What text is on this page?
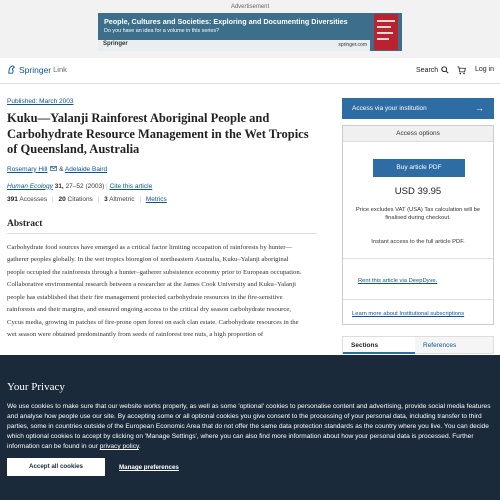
Advertisement
People, Cultures and Societies: Exploring and Documenting Diversities
Do you have an idea for a volume in this series?
Springer	springer.com
Springer Link	Search	Log in
Published: March 2003
Kuku—Yalanji Rainforest Aboriginal People and Carbohydrate Resource Management in the Wet Tropics of Queensland, Australia
Rosemary Hill & Adelaide Baird
Human Ecology 31, 27–52 (2003) | Cite this article
391 Accesses | 20 Citations | 3 Altmetric | Metrics
Abstract

Carbohydrate food sources have emerged as a critical factor limiting occupation of rainforests by hunter—gatherer peoples globally. In the wet tropics bioregion of northeastern Australia, Kuku–Yalanji aboriginal people occupied the rainforests through a hunter–gatherer subsistence economy prior to European occupation. Collaborative environmental research between a researcher at the James Cook University and Kuku–Yalanji people has established that their fire management protected carbohydrate resources in the fire-sensitive rainforests and their margins, and ensured ongoing access to the critical dry season carbohydrate resource, Cycus media, growing in patches of fire-prone open forest on each clan estate. Carbohydrate resources in the wet season were obtained predominantly from seeds of rainforest tree nuts, a high proportion of

Access via your institution	→
Access options
Buy article PDF
USD 39.95
Price excludes VAT (USA) Tax calculation will be finalised during checkout.
Instant access to the full article PDF.
Rent this article via DeepDyve.
Learn more about Institutional subscriptions
Sections	References
Your Privacy

We use cookies to make sure that our website works properly, as well as some 'optional' cookies to personalise content and advertising, provide social media features and analyse how people use our site. By accepting some or all optional cookies you give consent to the processing of your personal data, including transfer to third parties, some in countries outside of the European Economic Area that do not offer the same data protection standards as the country where you live. You can decide which optional cookies to accept by clicking on 'Manage Settings', where you can also find more information about how your personal data is processed. Further information can be found in our privacy policy.

Accept all cookies	Manage preferences
